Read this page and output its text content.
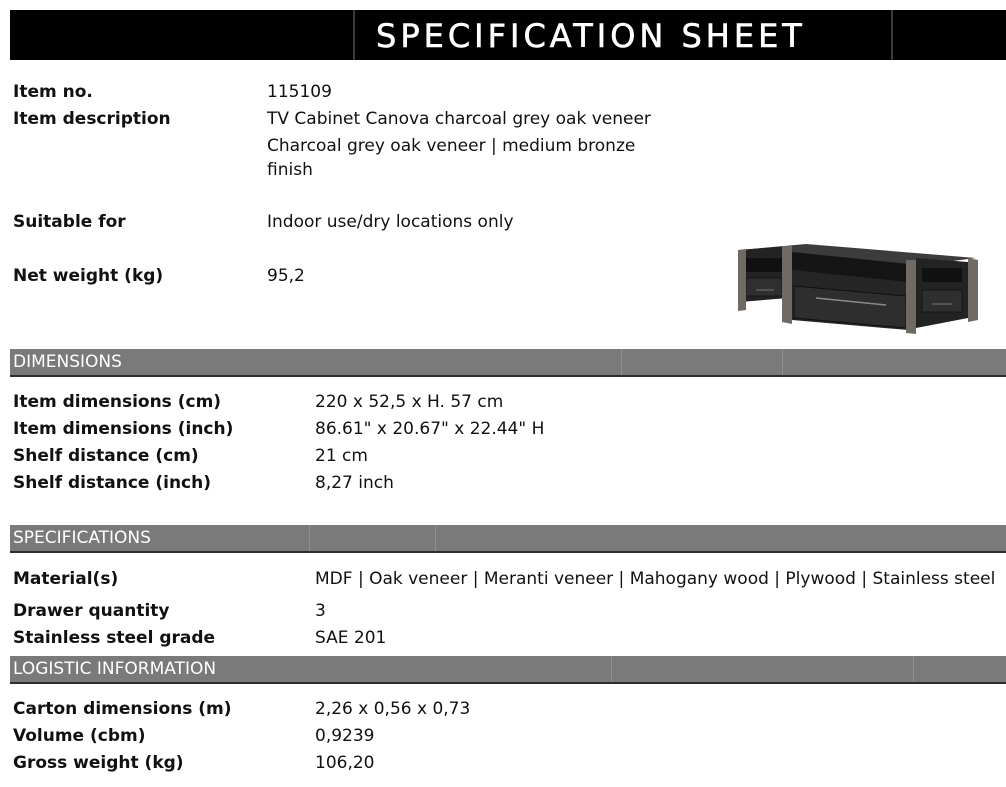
SPECIFICATION SHEET
Item no.	115109
Item description	TV Cabinet Canova charcoal grey oak veneer
Charcoal grey oak veneer | medium bronze finish
Suitable for	Indoor use/dry locations only
Net weight (kg)	95,2
DIMENSIONS
Item dimensions (cm)	220 x 52,5 x H. 57 cm
Item dimensions (inch)	86.61" x 20.67" x 22.44" H
Shelf distance (cm)	21 cm
Shelf distance (inch)	8,27 inch
SPECIFICATIONS
Material(s)	MDF | Oak veneer | Meranti veneer | Mahogany wood | Plywood | Stainless steel
Drawer quantity	3
Stainless steel grade	SAE 201
LOGISTIC INFORMATION
Carton dimensions (m)	2,26 x 0,56 x 0,73
Volume (cbm)	0,9239
Gross weight (kg)	106,20
